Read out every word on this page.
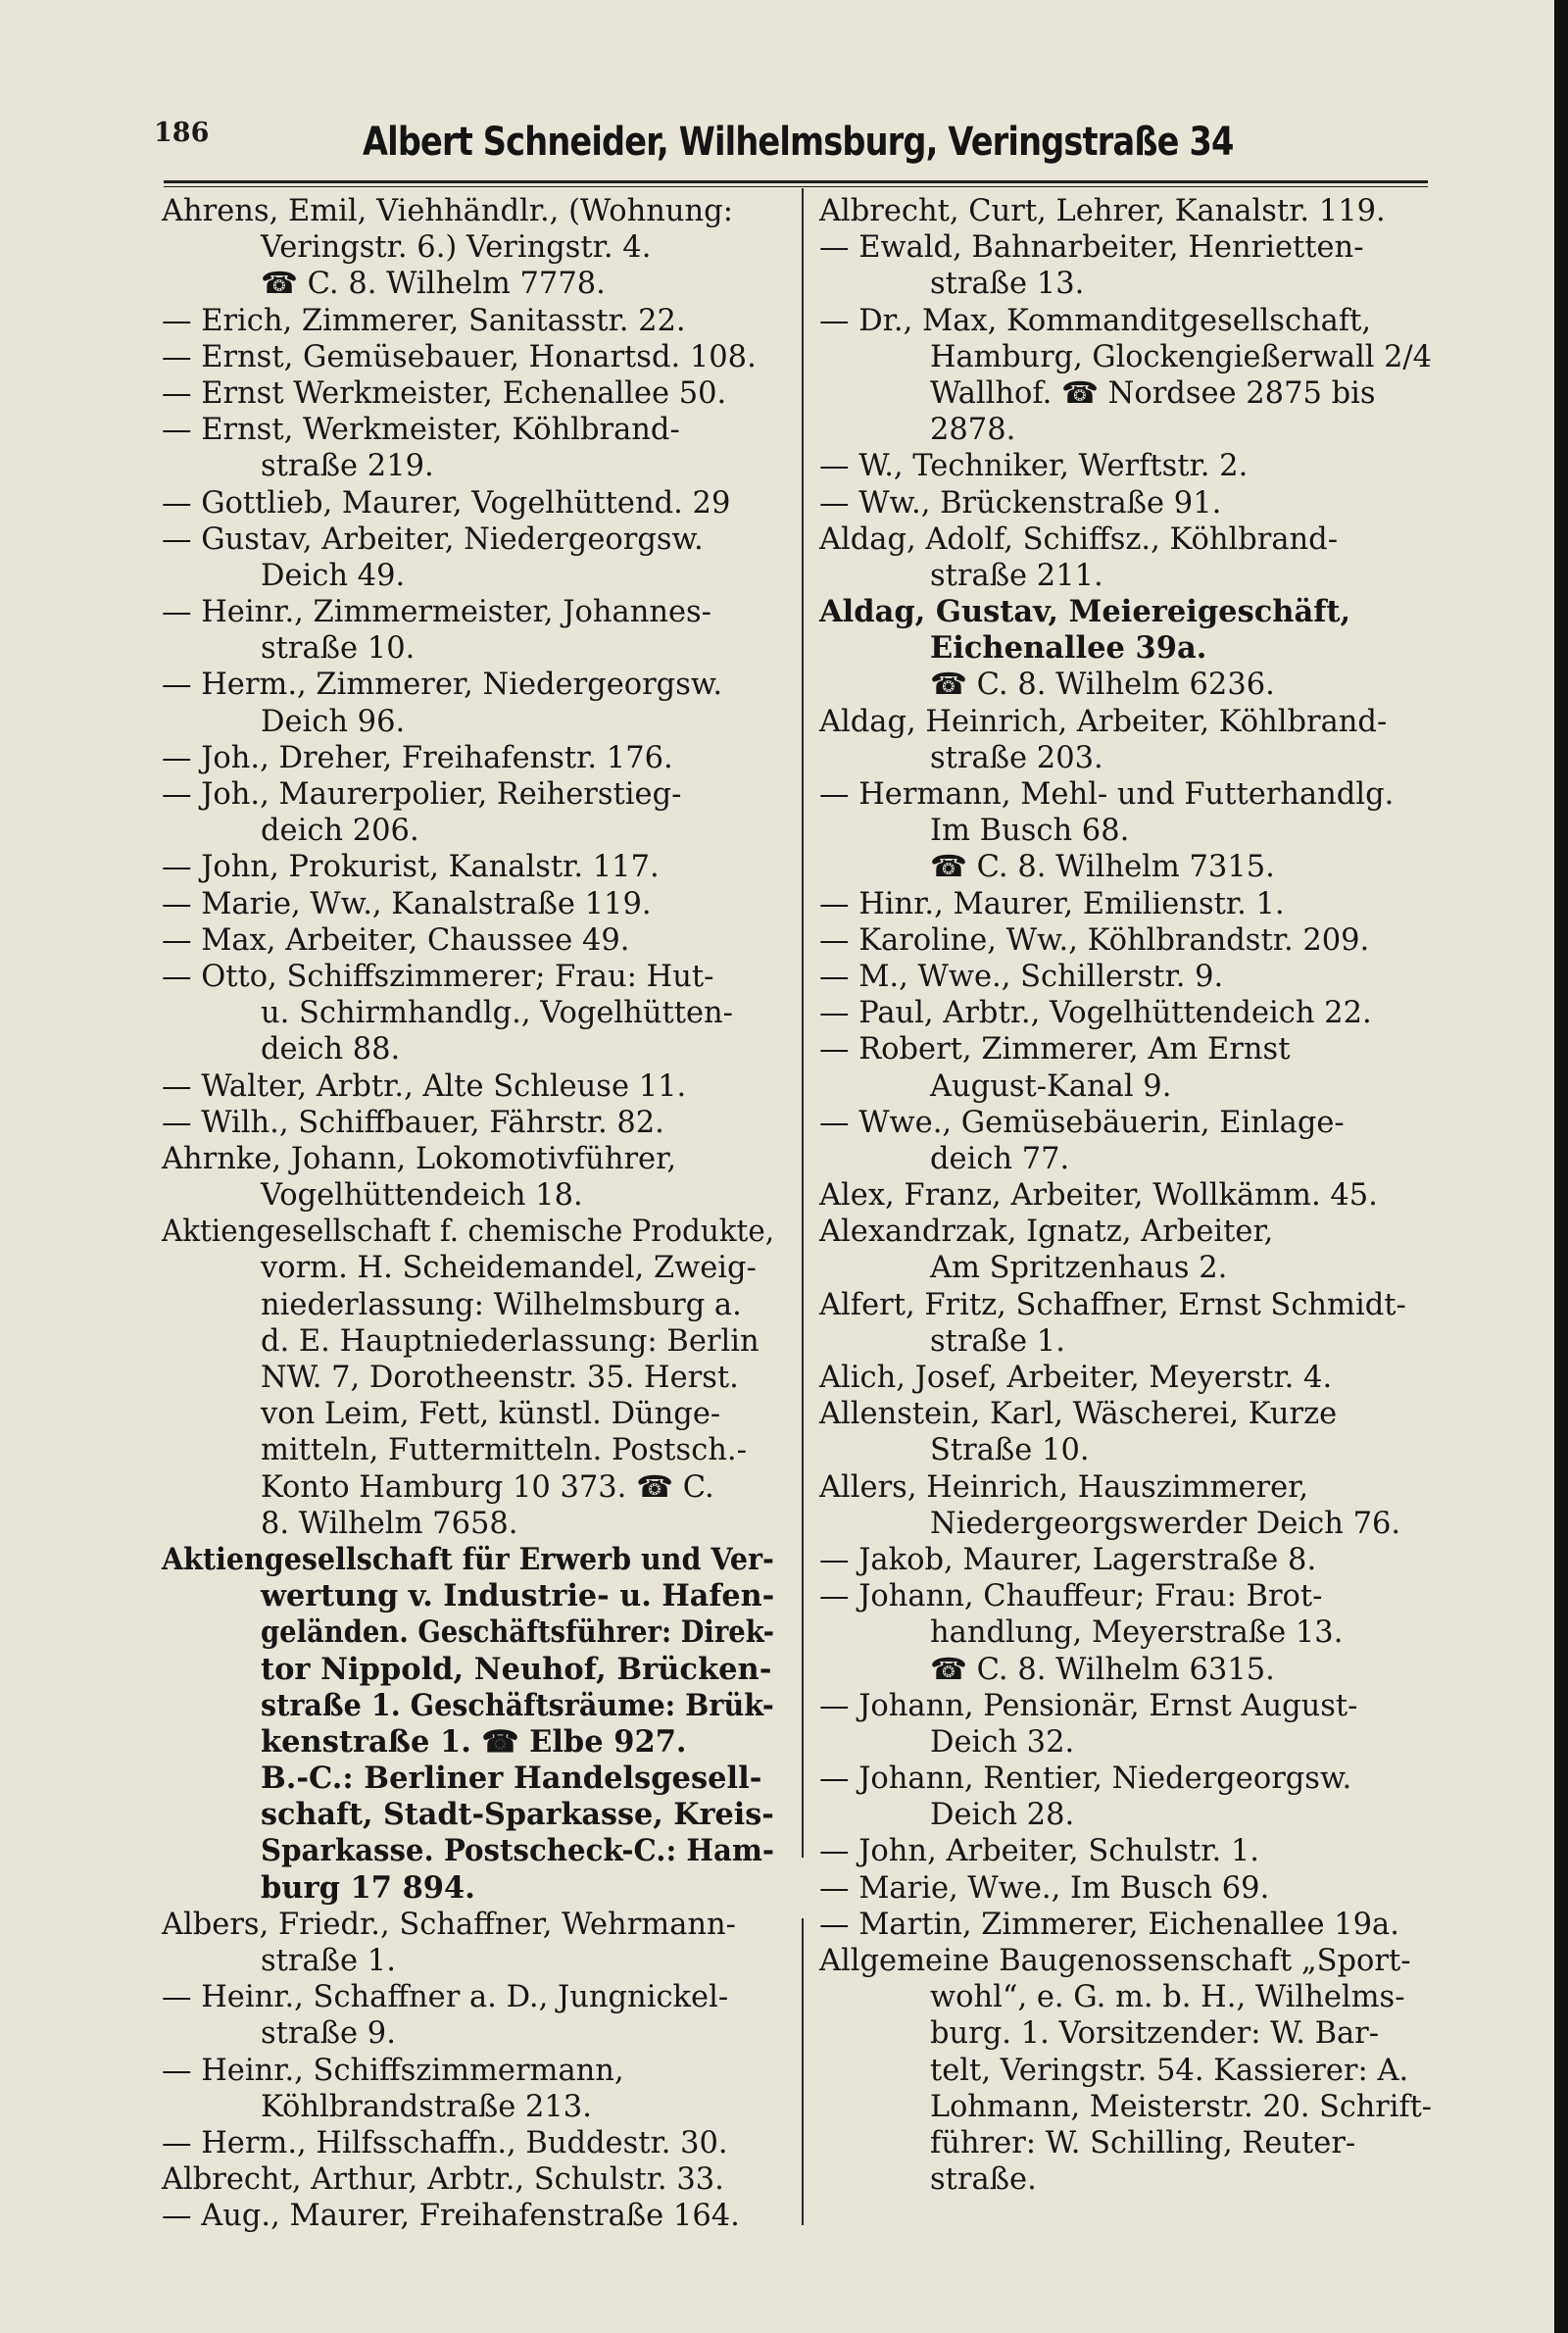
186	Albert Schneider, Wilhelmsburg, Veringstraße 34
Ahrens, Emil, Viehhändlr., (Wohnung:
Veringstr. 6.) Veringstr. 4.
☎ C. 8. Wilhelm 7778.
— Erich, Zimmerer, Sanitasstr. 22.
— Ernst, Gemüsebauer, Honartsd. 108.
— Ernst Werkmeister, Echenallee 50.
— Ernst, Werkmeister, Köhlbrand-
straße 219.
— Gottlieb, Maurer, Vogelhüttend. 29
— Gustav, Arbeiter, Niedergeorgsw.
Deich 49.
— Heinr., Zimmermeister, Johannes-
straße 10.
— Herm., Zimmerer, Niedergeorgsw.
Deich 96.
— Joh., Dreher, Freihafenstr. 176.
— Joh., Maurerpolier, Reiherstieg-
deich 206.
— John, Prokurist, Kanalstr. 117.
— Marie, Ww., Kanalstraße 119.
— Max, Arbeiter, Chaussee 49.
— Otto, Schiffszimmerer; Frau: Hut-
u. Schirmhandlg., Vogelhütten-
deich 88.
— Walter, Arbtr., Alte Schleuse 11.
— Wilh., Schiffbauer, Fährstr. 82.
Ahrnke, Johann, Lokomotivführer,
Vogelhüttendeich 18.
Aktiengesellschaft f. chemische Produkte,
vorm. H. Scheidemandel, Zweig-
niederlassung: Wilhelmsburg a.
d. E. Hauptniederlassung: Berlin
NW. 7, Dorotheenstr. 35. Herst.
von Leim, Fett, künstl. Dünge-
mitteln, Futtermitteln. Postsch.-
Konto Hamburg 10 373. ☎ C.
8. Wilhelm 7658.
Aktiengesellschaft für Erwerb und Ver-
wertung v. Industrie- u. Hafen-
geländen. Geschäftsführer: Direk-
tor Nippold, Neuhof, Brücken-
straße 1. Geschäftsräume: Brük-
kenstraße 1. ☎ Elbe 927.
B.-C.: Berliner Handelsgesell-
schaft, Stadt-Sparkasse, Kreis-
Sparkasse. Postscheck-C.: Ham-
burg 17 894.
Albers, Friedr., Schaffner, Wehrmann-
straße 1.
— Heinr., Schaffner a. D., Jungnickel-
straße 9.
— Heinr., Schiffszimmermann,
Köhlbrandstraße 213.
— Herm., Hilfsschaffn., Buddestr. 30.
Albrecht, Arthur, Arbtr., Schulstr. 33.
— Aug., Maurer, Freihafenstraße 164.
Albrecht, Curt, Lehrer, Kanalstr. 119.
— Ewald, Bahnarbeiter, Henrietten-
straße 13.
— Dr., Max, Kommanditgesellschaft,
Hamburg, Glockengießerwall 2/4
Wallhof. ☎ Nordsee 2875 bis
2878.
— W., Techniker, Werftstr. 2.
— Ww., Brückenstraße 91.
Aldag, Adolf, Schiffsz., Köhlbrand-
straße 211.
Aldag, Gustav, Meiereigeschäft,
Eichenallee 39a.
☎ C. 8. Wilhelm 6236.
Aldag, Heinrich, Arbeiter, Köhlbrand-
straße 203.
— Hermann, Mehl- und Futterhandlg.
Im Busch 68.
☎ C. 8. Wilhelm 7315.
— Hinr., Maurer, Emilienstr. 1.
— Karoline, Ww., Köhlbrandstr. 209.
— M., Wwe., Schillerstr. 9.
— Paul, Arbtr., Vogelhüttendeich 22.
— Robert, Zimmerer, Am Ernst
August-Kanal 9.
— Wwe., Gemüsebäuerin, Einlage-
deich 77.
Alex, Franz, Arbeiter, Wollkämm. 45.
Alexandrzak, Ignatz, Arbeiter,
Am Spritzenhaus 2.
Alfert, Fritz, Schaffner, Ernst Schmidt-
straße 1.
Alich, Josef, Arbeiter, Meyerstr. 4.
Allenstein, Karl, Wäscherei, Kurze
Straße 10.
Allers, Heinrich, Hauszimmerer,
Niedergeorgswerder Deich 76.
— Jakob, Maurer, Lagerstraße 8.
— Johann, Chauffeur; Frau: Brot-
handlung, Meyerstraße 13.
☎ C. 8. Wilhelm 6315.
— Johann, Pensionär, Ernst August-
Deich 32.
— Johann, Rentier, Niedergeorgsw.
Deich 28.
— John, Arbeiter, Schulstr. 1.
— Marie, Wwe., Im Busch 69.
— Martin, Zimmerer, Eichenallee 19a.
Allgemeine Baugenossenschaft „Sport-
wohl“, e. G. m. b. H., Wilhelms-
burg. 1. Vorsitzender: W. Bar-
telt, Veringstr. 54. Kassierer: A.
Lohmann, Meisterstr. 20. Schrift-
führer: W. Schilling, Reuter-
straße.
